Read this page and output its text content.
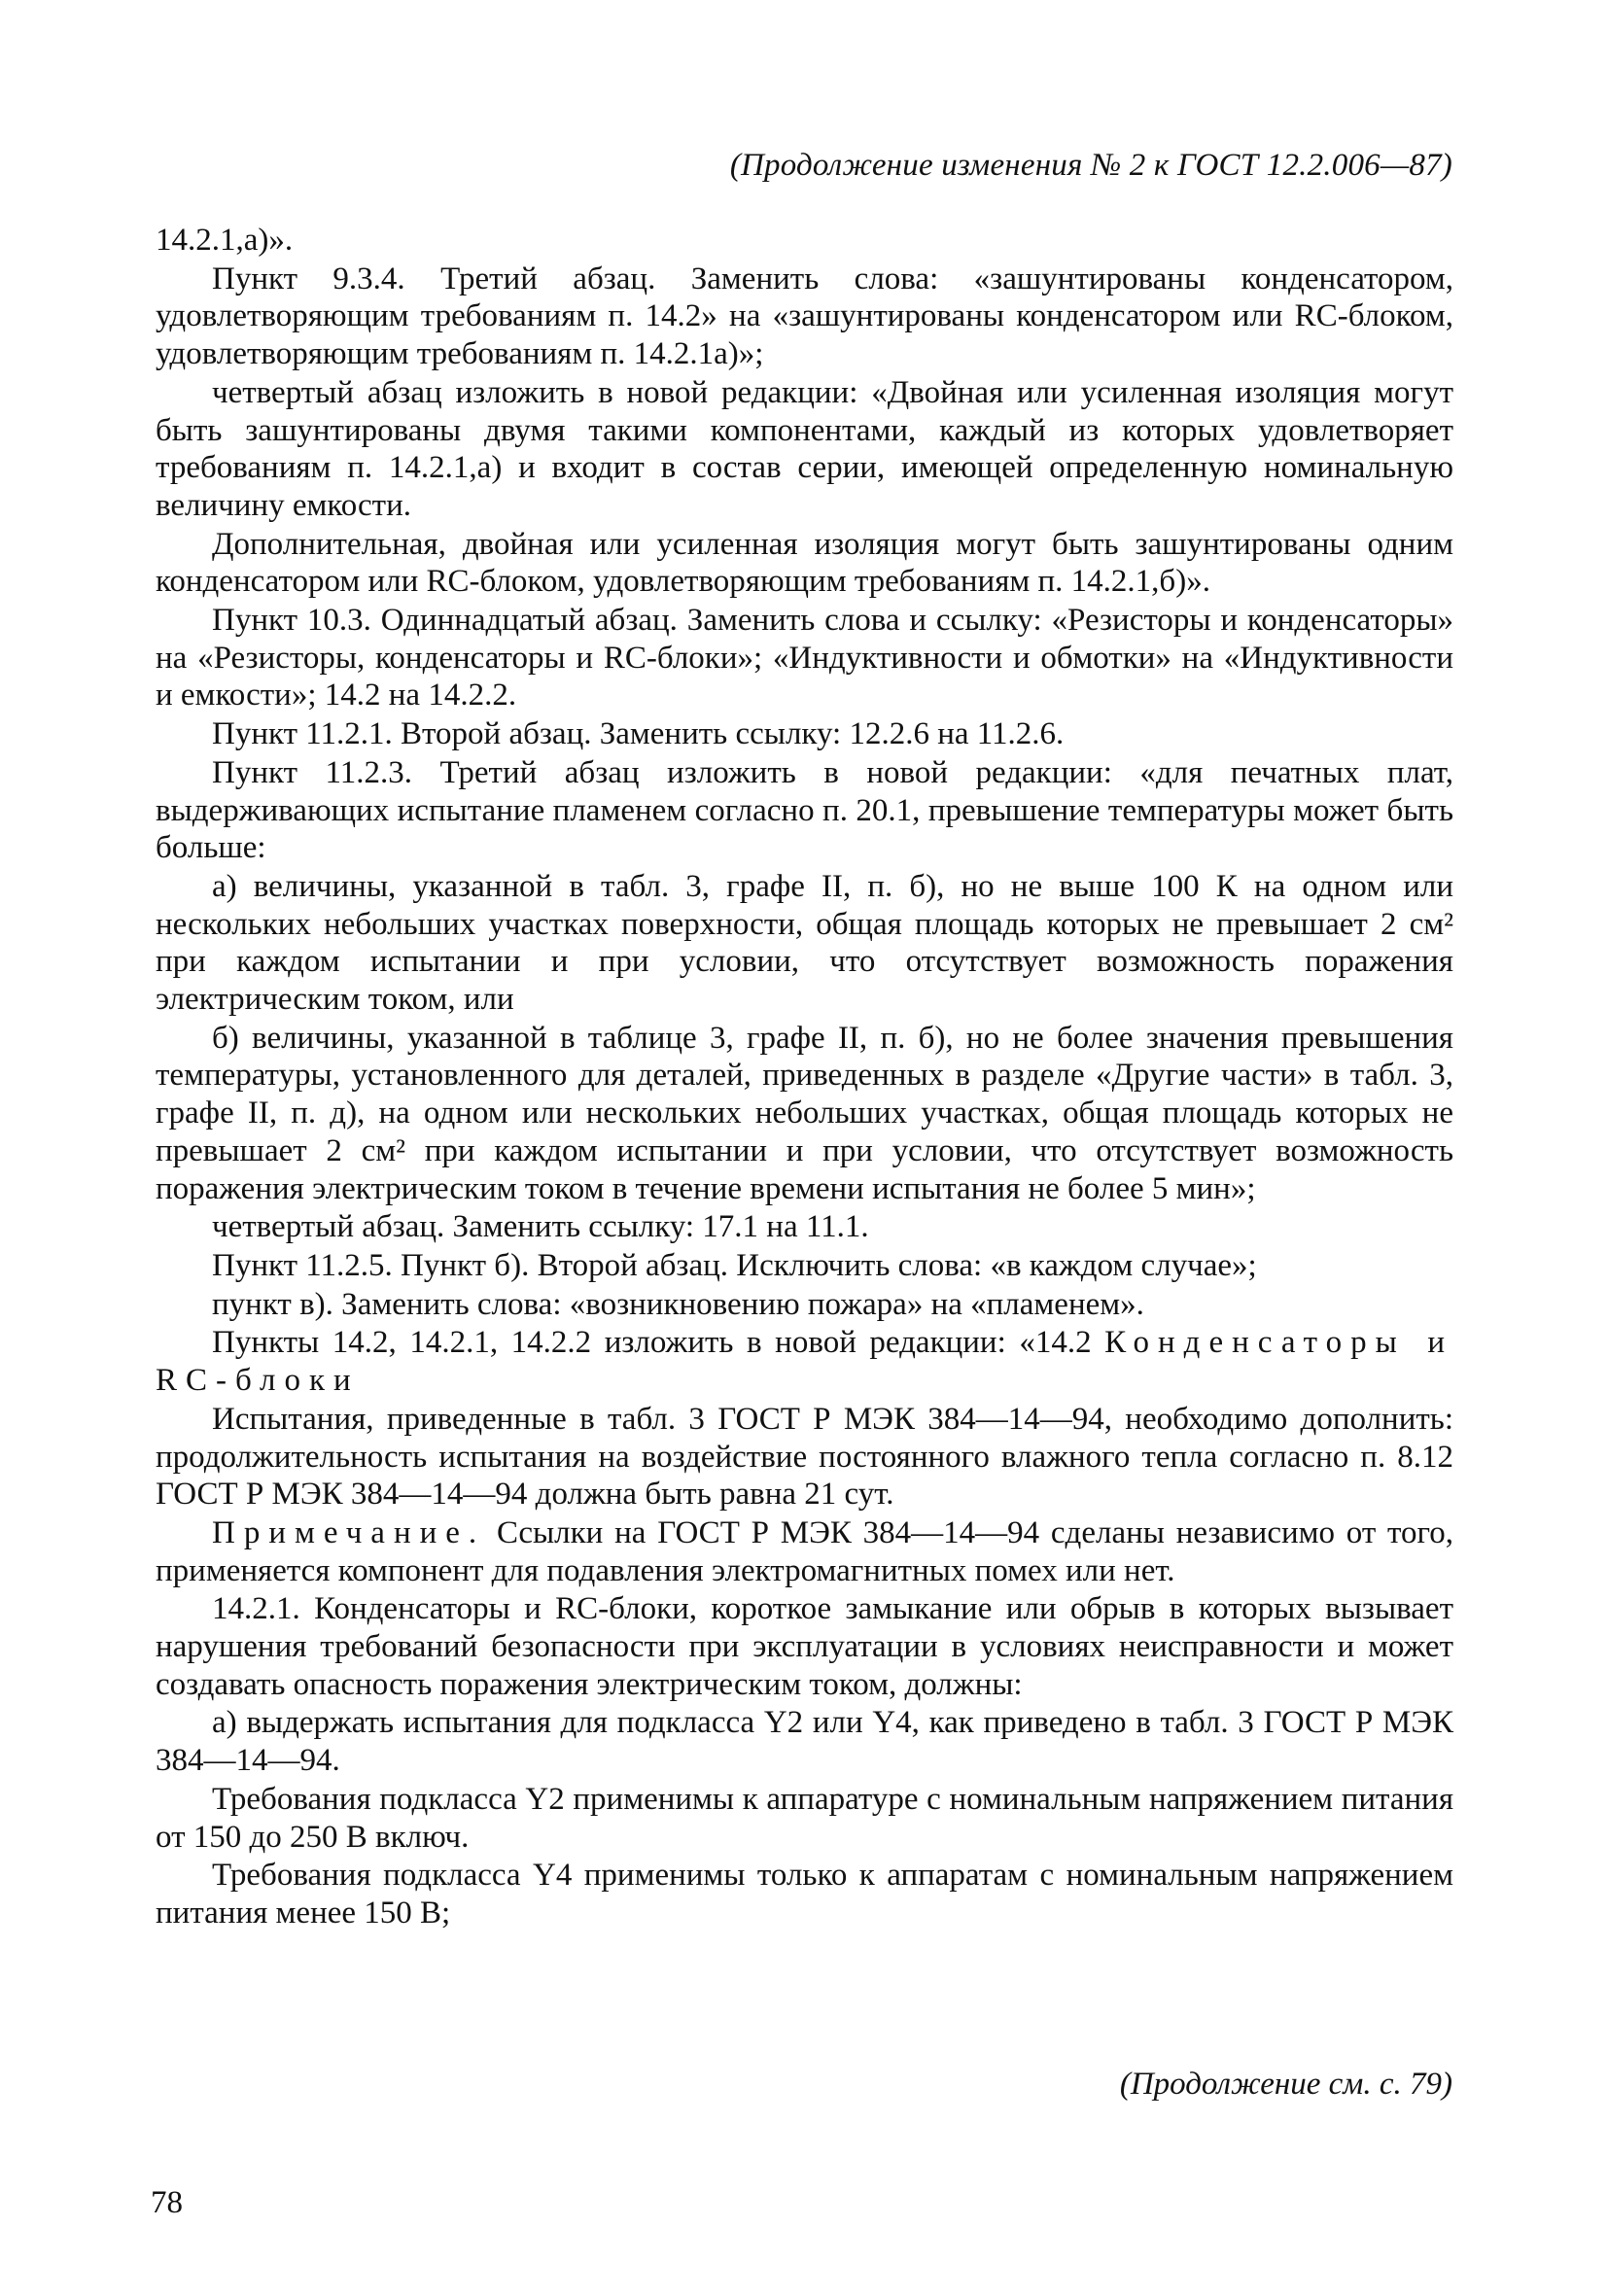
(Продолжение изменения № 2 к ГОСТ 12.2.006—87)

14.2.1,а)».

Пункт 9.3.4. Третий абзац. Заменить слова: «зашунтированы конденсатором, удовлетворяющим требованиям п. 14.2» на «зашунтированы конденсатором или RC-блоком, удовлетворяющим требованиям п. 14.2.1а)»;

четвертый абзац изложить в новой редакции: «Двойная или усиленная изоляция могут быть зашунтированы двумя такими компонентами, каждый из которых удовлетворяет требованиям п. 14.2.1,а) и входит в состав серии, имеющей определенную номинальную величину емкости.

Дополнительная, двойная или усиленная изоляция могут быть зашунтированы одним конденсатором или RC-блоком, удовлетворяющим требованиям п. 14.2.1,б)».

Пункт 10.3. Одиннадцатый абзац. Заменить слова и ссылку: «Резисторы и конденсаторы» на «Резисторы, конденсаторы и RC-блоки»; «Индуктивности и обмотки» на «Индуктивности и емкости»; 14.2 на 14.2.2.

Пункт 11.2.1. Второй абзац. Заменить ссылку: 12.2.6 на 11.2.6.

Пункт 11.2.3. Третий абзац изложить в новой редакции: «для печатных плат, выдерживающих испытание пламенем согласно п. 20.1, превышение температуры может быть больше:

а) величины, указанной в табл. 3, графе II, п. б), но не выше 100 К на одном или нескольких небольших участках поверхности, общая площадь которых не превышает 2 см² при каждом испытании и при условии, что отсутствует возможность поражения электрическим током, или

б) величины, указанной в таблице 3, графе II, п. б), но не более значения превышения температуры, установленного для деталей, приведенных в разделе «Другие части» в табл. 3, графе II, п. д), на одном или нескольких небольших участках, общая площадь которых не превышает 2 см² при каждом испытании и при условии, что отсутствует возможность поражения электрическим током в течение времени испытания не более 5 мин»;

четвертый абзац. Заменить ссылку: 17.1 на 11.1.

Пункт 11.2.5. Пункт б). Второй абзац. Исключить слова: «в каждом случае»;

пункт в). Заменить слова: «возникновению пожара» на «пламенем».

Пункты 14.2, 14.2.1, 14.2.2 изложить в новой редакции: «14.2 Конденсаторы и RC-блоки

Испытания, приведенные в табл. 3 ГОСТ Р МЭК 384—14—94, необходимо дополнить: продолжительность испытания на воздействие постоянного влажного тепла согласно п. 8.12 ГОСТ Р МЭК 384—14—94 должна быть равна 21 сут.

Примечание. Ссылки на ГОСТ Р МЭК 384—14—94 сделаны независимо от того, применяется компонент для подавления электромагнитных помех или нет.

14.2.1. Конденсаторы и RC-блоки, короткое замыкание или обрыв в которых вызывает нарушения требований безопасности при эксплуатации в условиях неисправности и может создавать опасность поражения электрическим током, должны:

а) выдержать испытания для подкласса Y2 или Y4, как приведено в табл. 3 ГОСТ Р МЭК 384—14—94.

Требования подкласса Y2 применимы к аппаратуре с номинальным напряжением питания от 150 до 250 В включ.

Требования подкласса Y4 применимы только к аппаратам с номинальным напряжением питания менее 150 В;

(Продолжение см. с. 79)
78
